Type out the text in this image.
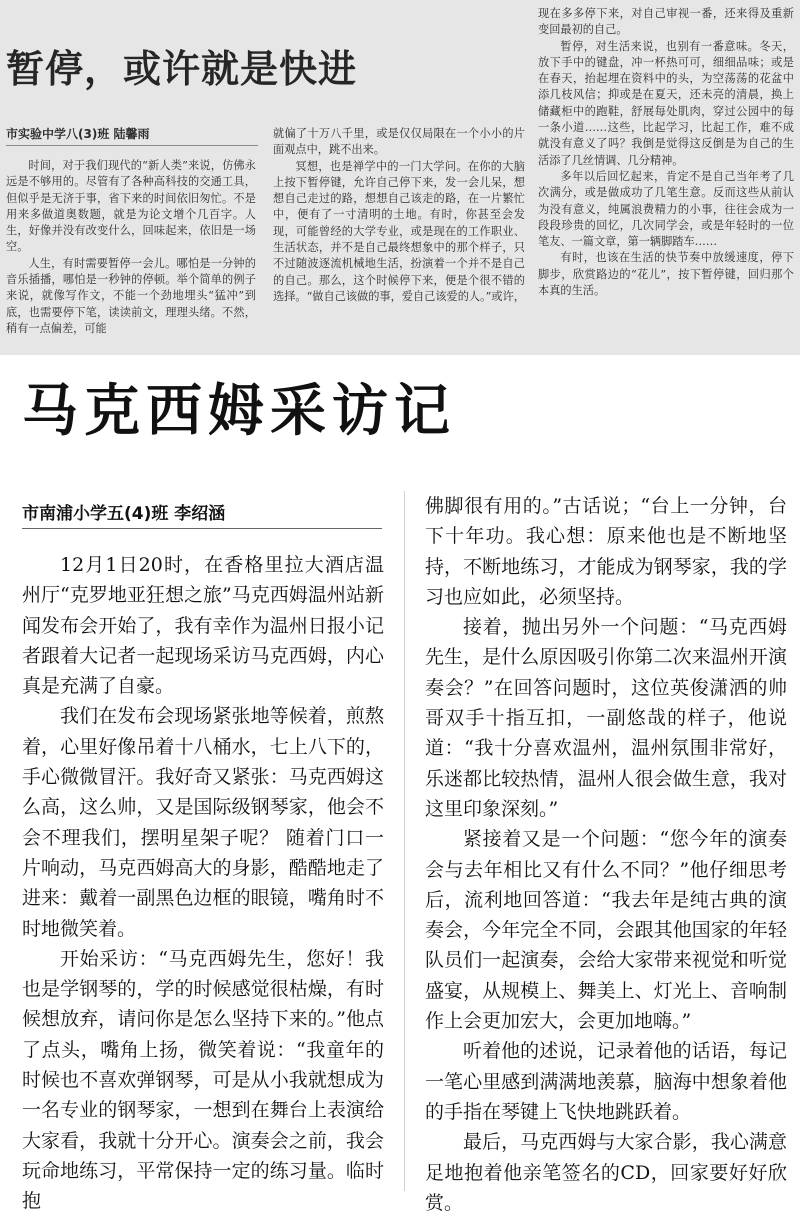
暂停，或许就是快进
市实验中学八(3)班 陆馨雨

时间，对于我们现代的“新人类”来说，仿佛永远是不够用的。尽管有了各种高科技的交通工具，但似乎是无济于事，省下来的时间依旧匆忙。不是用来多做道奥数题，就是为论文增个几百字。人生，好像并没有改变什么，回味起来，依旧是一场空。

人生，有时需要暂停一会儿。哪怕是一分钟的音乐插播，哪怕是一秒钟的停顿。举个简单的例子来说，就像写作文，不能一个劲地埋头“猛冲”到底，也需要停下笔，读读前文，理理头绪。不然，稍有一点偏差，可能

就偏了十万八千里，或是仅仅局限在一个小小的片面观点中，跳不出来。

冥想，也是禅学中的一门大学问。在你的大脑上按下暂停键，允许自己停下来，发一会儿呆，想想自己走过的路，想想自己该走的路，在一片繁忙中，便有了一寸清明的土地。有时，你甚至会发现，可能曾经的大学专业，或是现在的工作职业、生活状态，并不是自己最终想象中的那个样子，只不过随波逐流机械地生活，扮演着一个并不是自己的自己。那么，这个时候停下来，便是个很不错的选择。“做自己该做的事，爱自己该爱的人。”或许，

现在多多停下来，对自己审视一番，还来得及重新变回最初的自己。

暂停，对生活来说，也别有一番意味。冬天，放下手中的键盘，冲一杯热可可，细细品味；或是在春天，抬起埋在资料中的头，为空荡荡的花盆中添几枝风信；抑或是在夏天，还未亮的清晨，换上储藏柜中的跑鞋，舒展每处肌肉，穿过公园中的每一条小道……这些，比起学习，比起工作，难不成就没有意义了吗？我倒是觉得这反倒是为自己的生活添了几丝情调、几分精神。

多年以后回忆起来，肯定不是自己当年考了几次满分，或是做成功了几笔生意。反而这些从前认为没有意义，纯属浪费精力的小事，往往会成为一段段珍贵的回忆，几次同学会，或是年轻时的一位笔友、一篇文章，第一辆脚踏车……

有时，也该在生活的快节奏中放缓速度，停下脚步，欣赏路边的“花儿”，按下暂停键，回归那个本真的生活。

马克西姆采访记
市南浦小学五(4)班 李绍涵

12月1日20时，在香格里拉大酒店温州厅“克罗地亚狂想之旅”马克西姆温州站新闻发布会开始了，我有幸作为温州日报小记者跟着大记者一起现场采访马克西姆，内心真是充满了自豪。

我们在发布会现场紧张地等候着，煎熬着，心里好像吊着十八桶水，七上八下的，手心微微冒汗。我好奇又紧张：马克西姆这么高，这么帅，又是国际级钢琴家，他会不会不理我们，摆明星架子呢？ 随着门口一片响动，马克西姆高大的身影，酷酷地走了进来：戴着一副黑色边框的眼镜，嘴角时不时地微笑着。

开始采访：“马克西姆先生，您好！我也是学钢琴的，学的时候感觉很枯燥，有时候想放弃，请问你是怎么坚持下来的。”他点了点头，嘴角上扬，微笑着说：“我童年的时候也不喜欢弹钢琴，可是从小我就想成为一名专业的钢琴家，一想到在舞台上表演给大家看，我就十分开心。演奏会之前，我会玩命地练习，平常保持一定的练习量。临时抱

佛脚很有用的。”古话说；“台上一分钟，台下十年功。我心想：原来他也是不断地坚持，不断地练习，才能成为钢琴家，我的学习也应如此，必须坚持。

接着，抛出另外一个问题：“马克西姆先生，是什么原因吸引你第二次来温州开演奏会？”在回答问题时，这位英俊潇洒的帅哥双手十指互扣，一副悠哉的样子，他说道：“我十分喜欢温州，温州氛围非常好，乐迷都比较热情，温州人很会做生意，我对这里印象深刻。”

紧接着又是一个问题：“您今年的演奏会与去年相比又有什么不同？”他仔细思考后，流利地回答道：“我去年是纯古典的演奏会，今年完全不同，会跟其他国家的年轻队员们一起演奏，会给大家带来视觉和听觉盛宴，从规模上、舞美上、灯光上、音响制作上会更加宏大，会更加地嗨。”

听着他的述说，记录着他的话语，每记一笔心里感到满满地羡慕，脑海中想象着他的手指在琴键上飞快地跳跃着。

最后，马克西姆与大家合影，我心满意足地抱着他亲笔签名的CD，回家要好好欣赏。
